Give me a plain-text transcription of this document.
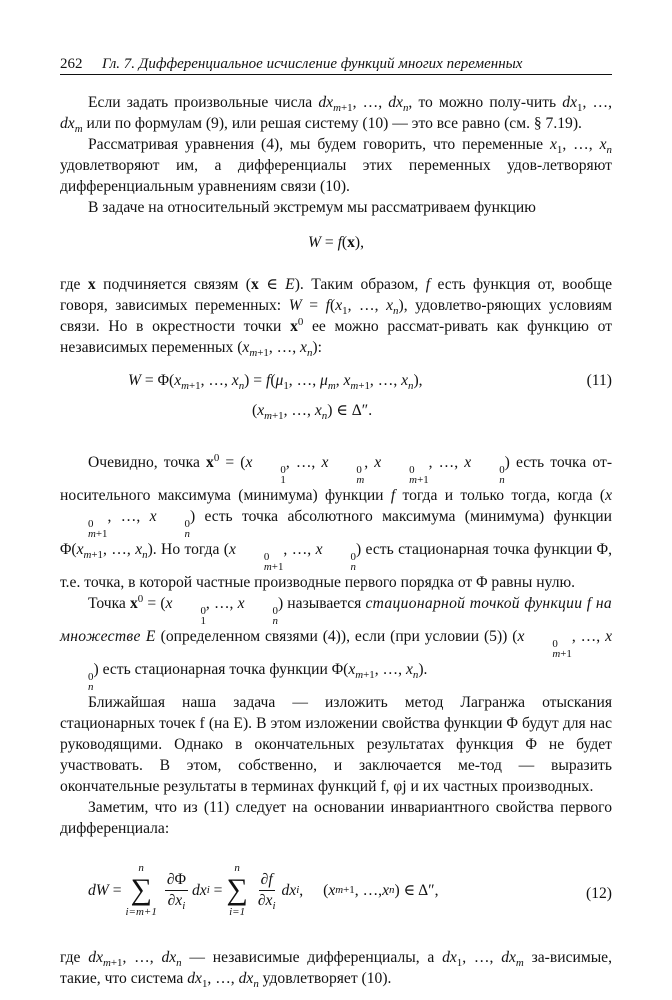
262 Гл. 7. Дифференциальное исчисление функций многих переменных

Если задать произвольные числа $dx_{m+1}$, …, $dx_n$, то можно полу-чить $dx_1$, …, $dx_m$ или по формулам (9), или решая систему (10) — это все равно (см. § 7.19).

Рассматривая уравнения (4), мы будем говорить, что переменные $x_1$, …, $x_n$ удовлетворяют им, а дифференциалы этих переменных удов-летворяют дифференциальным уравнениям связи (10).

В задаче на относительный экстремум мы рассматриваем функцию

W = f(x),

где x подчиняется связям (x ∈ E). Таким образом, f есть функция от, вообще говоря, зависимых переменных: $W = f(x_1$, …, $x_n$), удовлетво-ряющих условиям связи. Но в окрестности точки $x^0$ ее можно рассмат-ривать как функцию от независимых переменных ($x_{m+1}$, …, $x_n$):

$W = \Phi(x_{m+1}$, …, $x_n) = f(\mu_1$, …, $\mu_m$, $x_{m+1}$, …, $x_n$),	(11)
($x_{m+1}$, …, $x_n$) ∈ Δ″.

Очевидно, точка $x^0 = (x$	0
1
, …, x	0
m
, x	0
m+1
, …, x	0
n
) есть точка от-носительного максимума (минимума) функции f тогда и только тогда, когда (x
0
m+1
, …, x	0
n
) есть точка абсолютного максимума (минимума) функции $\Phi(x_{m+1}$, …, $x_n$). Но тогда (x	0
m+1
, …, x	0
n
) есть стационарная точка функции Φ, т.е. точка, в которой частные производные первого порядка от Φ равны нулю.

Точка $x^0 = (x$	0
1
, …, x	0
n
) называется стационарной точкой функции f на множестве E (определенном связями (4)), если (при условии (5)) (x	0
m+1
, …, x
0
n
) есть стационарная точка функции $\Phi(x_{m+1}$, …, $x_n$).

Ближайшая наша задача — изложить метод Лагранжа отыскания стационарных точек f (на E). В этом изложении свойства функции Φ будут для нас руководящими. Однако в окончательных результатах функция Φ не будет участвовать. В этом, собственно, и заключается ме-тод — выразить окончательные результаты в терминах функций f, φj и их частных производных.

Заметим, что из (11) следует на основании инвариантного свойства первого дифференциала:

dW =
n
∑
i=m+1
$\frac{\partial\Phi}{\partial x_i}$ dx i =
n
∑
i=1
$\frac{\partial f}{\partial x_i}$ dx i ,
( x m+1 , …, x n ) ∈ Δ″,	(12)

где $dx_{m+1}$, …, $dx_n$ — независимые дифференциалы, а $dx_1$, …, $dx_m$ за-висимые, такие, что система $dx_1$, …, $dx_n$ удовлетворяет (10).
